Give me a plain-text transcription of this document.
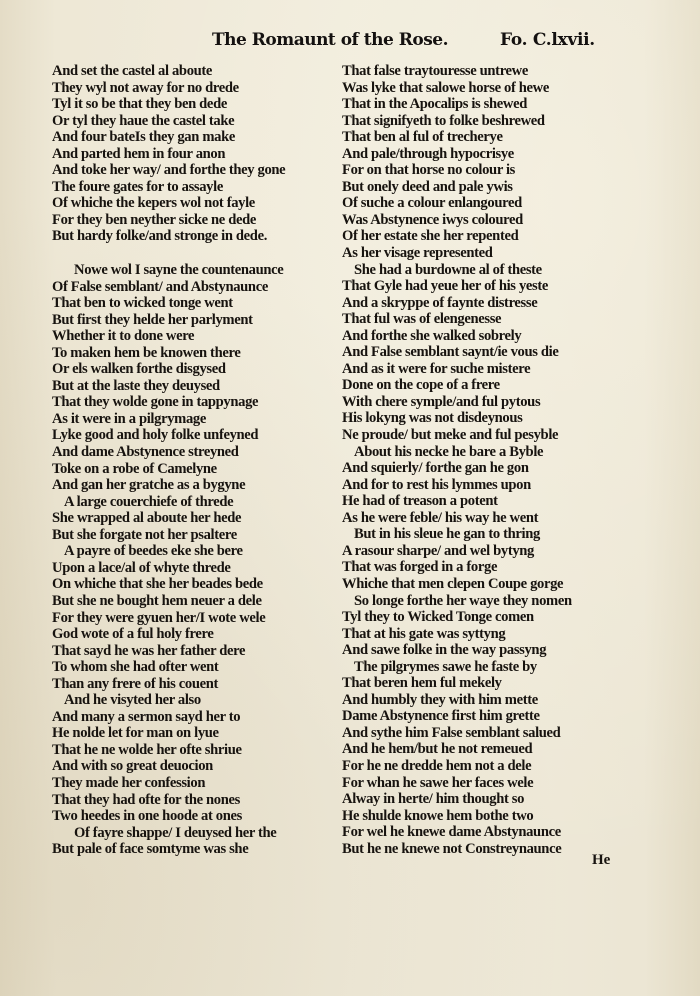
The Romaunt of the Rose.	Fo. C.lxvii.
And set the castel al aboute
They wyl not away for no drede
Tyl it so be that they ben dede
Or tyl they haue the castel take
And four bateIs they gan make
And parted hem in four anon
And toke her way/ and forthe they gone
The foure gates for to assayle
Of whiche the kepers wol not fayle
For they ben neyther sicke ne dede
But hardy folke/and stronge in dede.
Nowe wol I sayne the countenaunce
Of False semblant/ and Abstynaunce
That ben to wicked tonge went
But first they helde her parlyment
Whether it to done were
To maken hem be knowen there
Or els walken forthe disgysed
But at the laste they deuysed
That they wolde gone in tappynage
As it were in a pilgrymage
Lyke good and holy folke unfeyned
And dame Abstynence streyned
Toke on a robe of Camelyne
And gan her gratche as a bygyne
A large couerchiefe of threde
She wrapped al aboute her hede
But she forgate not her psaltere
A payre of beedes eke she bere
Upon a lace/al of whyte threde
On whiche that she her beades bede
But she ne bought hem neuer a dele
For they were gyuen her/I wote wele
God wote of a ful holy frere
That sayd he was her father dere
To whom she had ofter went
Than any frere of his couent
And he visyted her also
And many a sermon sayd her to
He nolde let for man on lyue
That he ne wolde her ofte shriue
And with so great deuocion
They made her confession
That they had ofte for the nones
Two heedes in one hoode at ones
Of fayre shappe/ I deuysed her the
But pale of face somtyme was she
That false traytouresse untrewe
Was lyke that salowe horse of hewe
That in the Apocalips is shewed
That signifyeth to folke beshrewed
That ben al ful of trecherye
And pale/through hypocrisye
For on that horse no colour is
But onely deed and pale ywis
Of suche a colour enlangoured
Was Abstynence iwys coloured
Of her estate she her repented
As her visage represented
She had a burdowne al of theste
That Gyle had yeue her of his yeste
And a skryppe of faynte distresse
That ful was of elengenesse
And forthe she walked sobrely
And False semblant saynt/ie vous die
And as it were for suche mistere
Done on the cope of a frere
With chere symple/and ful pytous
His lokyng was not disdeynous
Ne proude/ but meke and ful pesyble
About his necke he bare a Byble
And squierly/ forthe gan he gon
And for to rest his lymmes upon
He had of treason a potent
As he were feble/ his way he went
But in his sleue he gan to thring
A rasour sharpe/ and wel bytyng
That was forged in a forge
Whiche that men clepen Coupe gorge
So longe forthe her waye they nomen
Tyl they to Wicked Tonge comen
That at his gate was syttyng
And sawe folke in the way passyng
The pilgrymes sawe he faste by
That beren hem ful mekely
And humbly they with him mette
Dame Abstynence first him grette
And sythe him False semblant salued
And he hem/but he not remeued
For he ne dredde hem not a dele
For whan he sawe her faces wele
Alway in herte/ him thought so
He shulde knowe hem bothe two
For wel he knewe dame Abstynaunce
But he ne knewe not Constreynaunce
He
